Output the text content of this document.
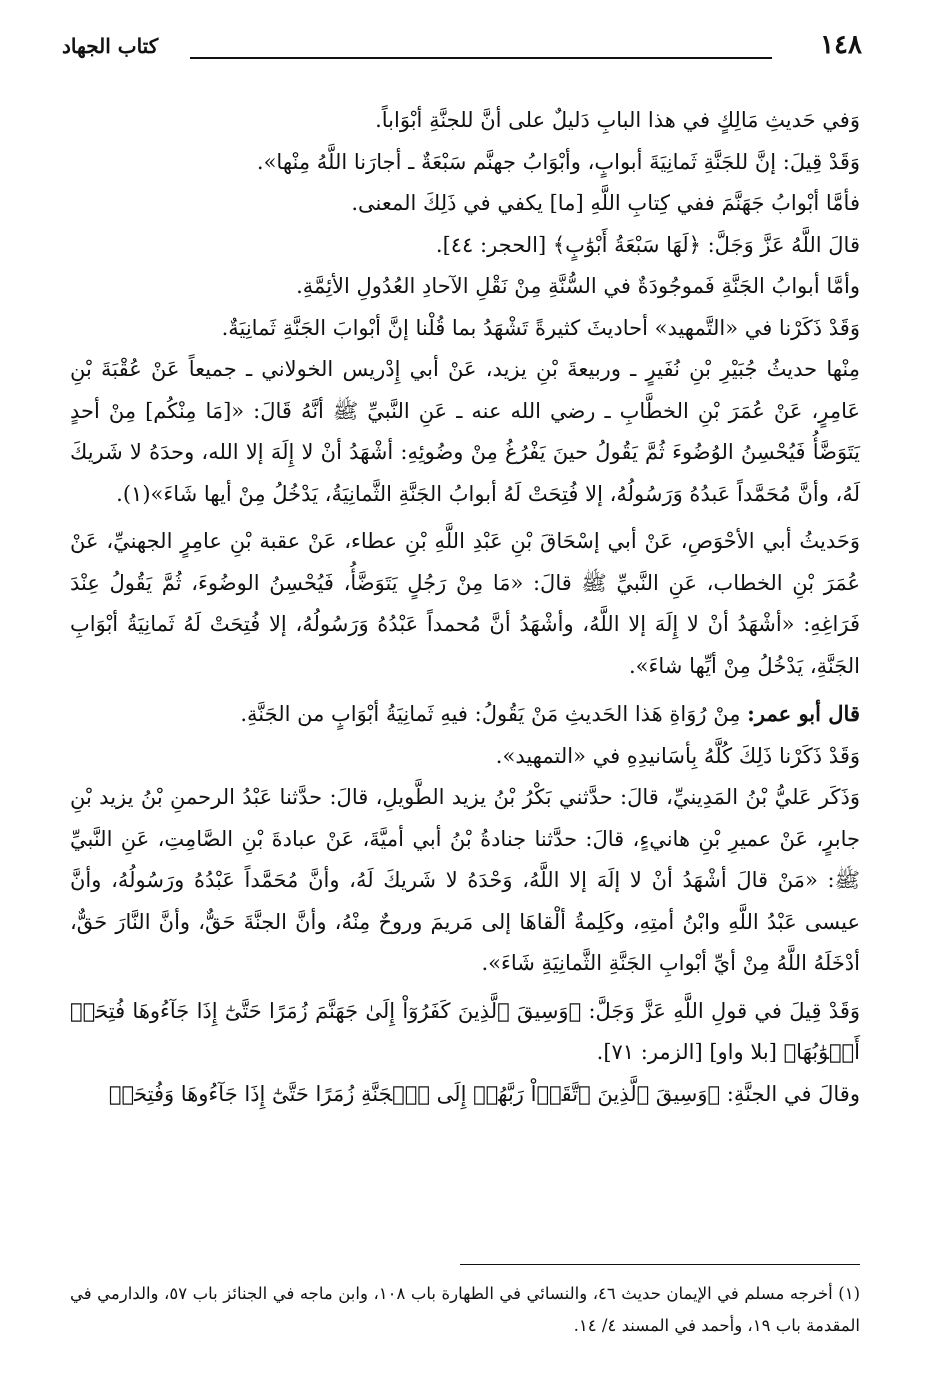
١٤٨
كتاب الجهاد

وَفي حَديثِ مَالِكٍ في هذا البابِ دَليلٌ على أنَّ للجنَّةِ أبْوَاباً.

وَقَدْ قِيلَ: إنَّ للجَنَّةِ ثَمانِيَةَ أبوابٍ، وأبْوَابُ جهنَّم سَبْعَةٌ ـ أجارَنا اللَّهُ مِنْها».

فأمَّا أبْوابُ جَهَنَّمَ ففي كِتابِ اللَّهِ [ما] يكفي في ذَلِكَ المعنى.

قالَ اللَّهُ عَزَّ وَجَلَّ: ﴿لَهَا سَبْعَةُ أَبْوَٰبٍ﴾ [الحجر: ٤٤].

وأمَّا أبوابُ الجَنَّةِ فَموجُودَةٌ في السُّنَّةِ مِنْ نَقْلِ الآحادِ العُدُولِ الأئِمَّةِ.

وَقَدْ ذَكَرْنا في «التَّمهيد» أحاديثَ كثيرةً تَشْهَدُ بما قُلْنا إنَّ أبْوابَ الجَنَّةِ ثَمانِيَةٌ.

مِنْها حديثُ جُبَيْرِ بْنِ نُفَيرٍ ـ وربيعةَ بْنِ يزيد، عَنْ أبي إِدْريس الخولاني ـ جميعاً عَنْ عُقْبَةَ بْنِ عَامِرٍ، عَنْ عُمَرَ بْنِ الخطَّابِ ـ رضي الله عنه ـ عَنِ النَّبيِّ ﷺ أنَّهُ قَالَ: «[مَا مِنْكُم] مِنْ أحدٍ يَتَوَضَّأُ فَيُحْسِنُ الوُضُوءَ ثُمَّ يَقُولُ حينَ يَفْرُغُ مِنْ وضُوئِهِ: أشْهَدُ أنْ لا إِلَهَ إلا الله، وحدَهُ لا شَريكَ لَهُ، وأنَّ مُحَمَّداً عَبدُهُ وَرَسُولُهُ، إلا فُتِحَتْ لَهُ أبوابُ الجَنَّةِ الثَّمانِيَةُ، يَدْخُلُ مِنْ أيها شَاءَ»(١).

وَحَديثُ أبي الأحْوَصِ، عَنْ أبي إسْحَاقَ بْنِ عَبْدِ اللَّهِ بْنِ عطاء، عَنْ عقبة بْنِ عامِرٍ الجهنيِّ، عَنْ عُمَرَ بْنِ الخطاب، عَنِ النَّبيِّ ﷺ قالَ: «مَا مِنْ رَجُلٍ يَتَوَضَّأُ، فَيُحْسِنُ الوضُوءَ، ثُمَّ يَقُولُ عِنْدَ فَرَاغِهِ: «أشْهَدُ أنْ لا إِلَهَ إلا اللَّهُ، وأشْهَدُ أنَّ مُحمداً عَبْدُهُ وَرَسُولُهُ، إلا فُتِحَتْ لَهُ ثَمانِيَةُ أبْوَابِ الجَنَّةِ، يَدْخُلُ مِنْ أيِّها شاءَ».

قال أبو عمر: مِنْ رُوَاةِ هَذا الحَديثِ مَنْ يَقُولُ: فيهِ ثَمانِيَةُ أبْوَابٍ من الجَنَّةِ.

وَقَدْ ذَكَرْنا ذَلِكَ كُلَّهُ بِأسَانيدِهِ في «التمهيد».

وَذَكَر عَليُّ بْنُ المَدِينيِّ، قالَ: حدَّثني بَكْرُ بْنُ يزيد الطَّويلِ، قالَ: حدَّثنا عَبْدُ الرحمنِ بْنُ يزيد بْنِ جابرٍ، عَنْ عميرِ بْنِ هانيءٍ، قالَ: حدَّثنا جنادةُ بْنُ أبي أميَّةَ، عَنْ عبادةَ بْنِ الصَّامِتِ، عَنِ النَّبيِّ ﷺ: «مَنْ قالَ أشْهَدُ أنْ لا إلَهَ إلا اللَّهُ، وَحْدَهُ لا شَريكَ لَهُ، وأنَّ مُحَمَّداً عَبْدُهُ ورَسُولُهُ، وأنَّ عيسى عَبْدُ اللَّهِ وابْنُ أمتِهِ، وكَلِمةُ ألْقاهَا إلى مَريمَ وروحٌ مِنْهُ، وأنَّ الجنَّةَ حَقٌّ، وأنَّ النَّارَ حَقٌّ، أدْخَلَهُ اللَّهُ مِنْ أيِّ أبْوابِ الجَنَّةِ الثَّمانِيَةِ شَاءَ».

وَقَدْ قِيلَ في قولِ اللَّهِ عَزَّ وَجَلَّ: ﴿وَسِيقَ ٱلَّذِينَ كَفَرُوٓاْ إِلَىٰ جَهَنَّمَ زُمَرًا حَتَّىٰٓ إِذَا جَآءُوهَا فُتِحَتۡ أَبۡوَٰبُهَا﴾ [بلا واو] [الزمر: ٧١].

وقالَ في الجنَّةِ: ﴿وَسِيقَ ٱلَّذِينَ ٱتَّقَوۡاْ رَبَّهُمۡ إِلَى ٱلۡجَنَّةِ زُمَرًا حَتَّىٰٓ إِذَا جَآءُوهَا وَفُتِحَتۡ

(١) أخرجه مسلم في الإيمان حديث ٤٦، والنسائي في الطهارة باب ١٠٨، وابن ماجه في الجنائز باب ٥٧، والدارمي في المقدمة باب ١٩، وأحمد في المسند ٤/ ١٤.
